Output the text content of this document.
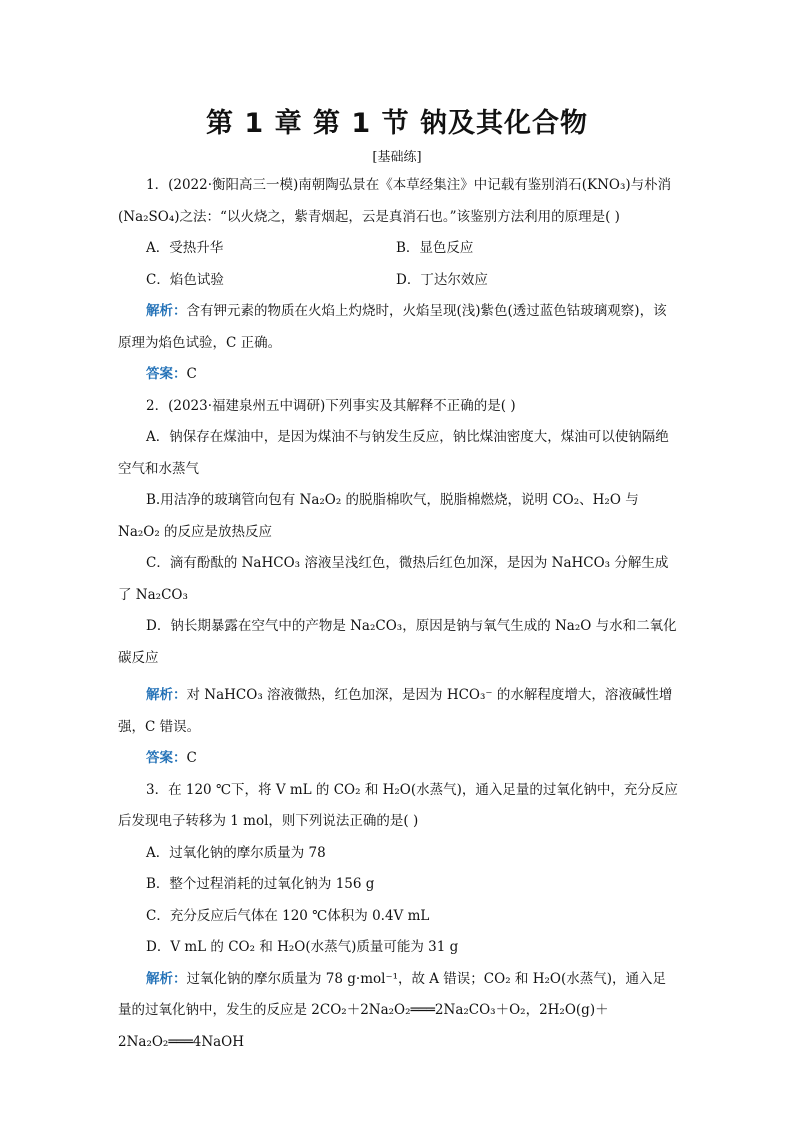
第 1 章 第 1 节 钠及其化合物
[基础练]

1．(2022·衡阳高三一模)南朝陶弘景在《本草经集注》中记载有鉴别消石(KNO₃)与朴消(Na₂SO₄)之法：“以火烧之，紫青烟起，云是真消石也。”该鉴别方法利用的原理是( )

A．受热升华	B．显色反应
C．焰色试验	D．丁达尔效应

解析：含有钾元素的物质在火焰上灼烧时，火焰呈现(浅)紫色(透过蓝色钴玻璃观察)，该原理为焰色试验，C 正确。

答案：C

2．(2023·福建泉州五中调研)下列事实及其解释不正确的是( )

A．钠保存在煤油中，是因为煤油不与钠发生反应，钠比煤油密度大，煤油可以使钠隔绝空气和水蒸气

B.用洁净的玻璃管向包有 Na₂O₂ 的脱脂棉吹气，脱脂棉燃烧，说明 CO₂、H₂O 与 Na₂O₂ 的反应是放热反应

C．滴有酚酞的 NaHCO₃ 溶液呈浅红色，微热后红色加深，是因为 NaHCO₃ 分解生成了 Na₂CO₃

D．钠长期暴露在空气中的产物是 Na₂CO₃，原因是钠与氧气生成的 Na₂O 与水和二氧化碳反应

解析：对 NaHCO₃ 溶液微热，红色加深，是因为 HCO₃⁻ 的水解程度增大，溶液碱性增强，C 错误。

答案：C

3．在 120 ℃下，将 V mL 的 CO₂ 和 H₂O(水蒸气)，通入足量的过氧化钠中，充分反应后发现电子转移为 1 mol，则下列说法正确的是( )

A．过氧化钠的摩尔质量为 78

B．整个过程消耗的过氧化钠为 156 g

C．充分反应后气体在 120 ℃体积为 0.4V mL

D．V mL 的 CO₂ 和 H₂O(水蒸气)质量可能为 31 g

解析：过氧化钠的摩尔质量为 78 g·mol⁻¹，故 A 错误；CO₂ 和 H₂O(水蒸气)，通入足量的过氧化钠中，发生的反应是 2CO₂＋2Na₂O₂═══2Na₂CO₃＋O₂，2H₂O(g)＋2Na₂O₂═══4NaOH
